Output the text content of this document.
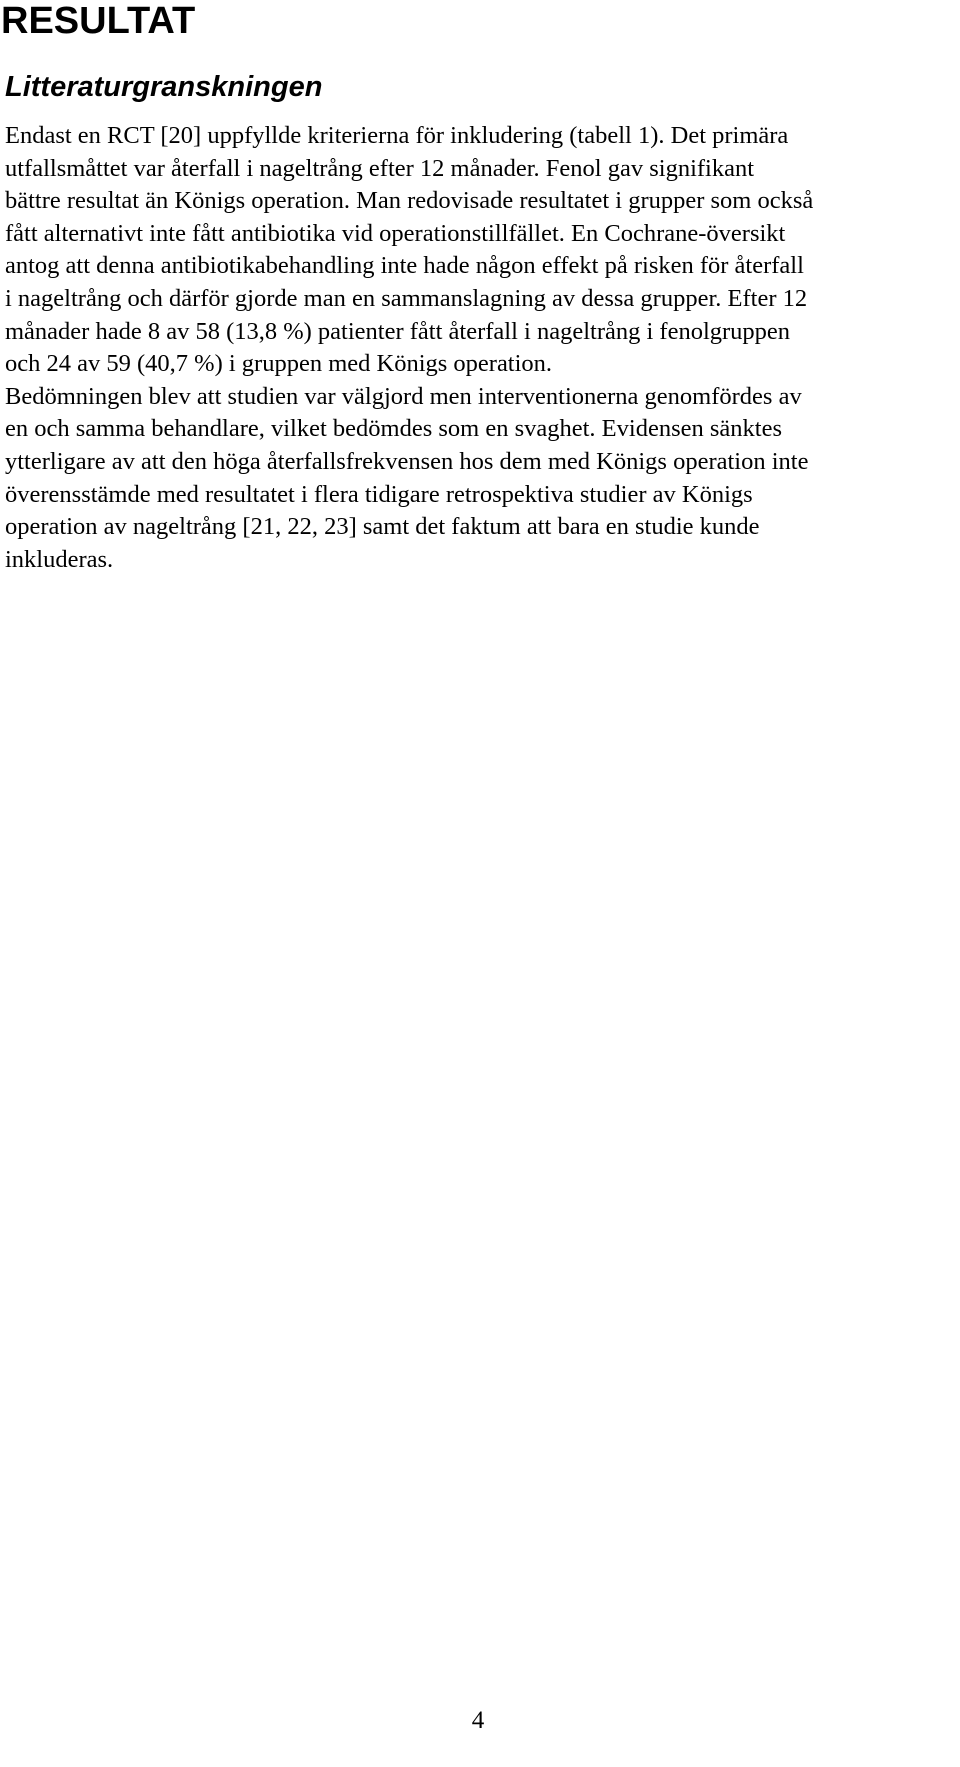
RESULTAT
Litteraturgranskningen

Endast en RCT [20] uppfyllde kriterierna för inkludering (tabell 1). Det primära
utfallsmåttet var återfall i nageltrång efter 12 månader. Fenol gav signifikant
bättre resultat än Königs operation. Man redovisade resultatet i grupper som också
fått alternativt inte fått antibiotika vid operationstillfället. En Cochrane-översikt
antog att denna antibiotikabehandling inte hade någon effekt på risken för återfall
i nageltrång och därför gjorde man en sammanslagning av dessa grupper. Efter 12
månader hade 8 av 58 (13,8 %) patienter fått återfall i nageltrång i fenolgruppen
och 24 av 59 (40,7 %) i gruppen med Königs operation.
Bedömningen blev att studien var välgjord men interventionerna genomfördes av
en och samma behandlare, vilket bedömdes som en svaghet. Evidensen sänktes
ytterligare av att den höga återfallsfrekvensen hos dem med Königs operation inte
överensstämde med resultatet i flera tidigare retrospektiva studier av Königs
operation av nageltrång [21, 22, 23] samt det faktum att bara en studie kunde
inkluderas.

4
